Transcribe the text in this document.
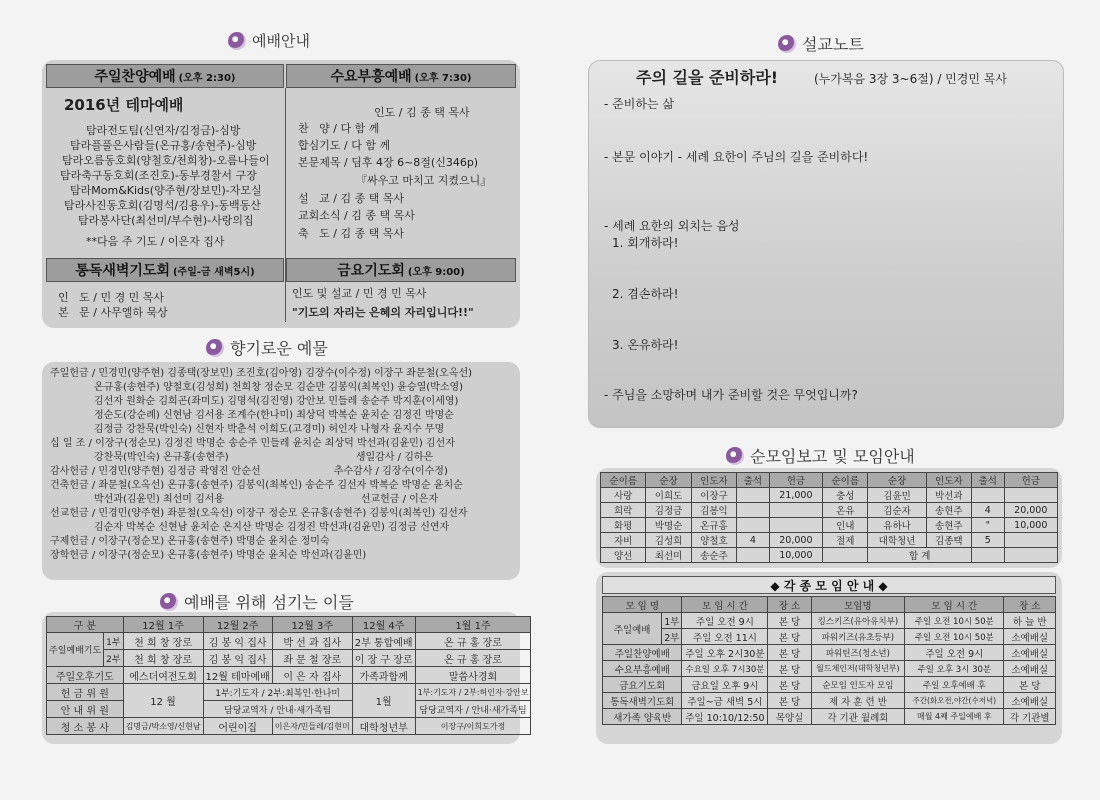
예배안내
주일찬양예배 (오후 2:30)	수요부흥예배 (오후 7:30)
2016년 테마예배
탐라전도팀(신연자/김정금)-심방
탐라플풀은사람들(온규홍/송현주)-심방
탐라오름동호회(양철호/천희창)-오름나들이
탐라축구동호회(조진호)-동부경찰서 구장
탐라Mom&Kids(양주현/장보민)-자모실
탐라사진동호회(김명석/김용우)-동백동산
탐라봉사단(최선미/부수현)-사랑의집
**다음 주 기도 / 이은자 집사
인도 / 김 종 택 목사
찬   양 / 다 함 께
합심기도 / 다 함 께
본문제목 / 딤후 4장 6~8절(신346p)
『싸우고 마치고 지켰으니』
설   교 / 김 종 택 목사
교회소식 / 김 종 택 목사
축   도 / 김 종 택 목사
통독새벽기도회 (주일-금 새벽5시)	금요기도회 (오후 9:00)
인   도 / 민 경 민 목사
본   문 / 사무엘하 묵상
인도 및 설교 / 민 경 민 목사
"기도의 자리는 은혜의 자리입니다!!"
향기로운 예물
주일헌금 / 민경민(양주현) 김종택(장보민) 조진호(김아영) 김장수(이수정) 이장구 좌문철(오옥선)
온규홍(송현주) 양철호(김성희) 천희창 정순모 김순만 김봉익(최복인) 윤승열(박소영)
김선자 원화순 김희곤(좌미도) 김명석(김진영) 강안보 민들레 송순주 박지훈(이세영)
정순도(강순례) 신현남 김서용 조계수(한나미) 최상덕 박복순 윤치순 김정진 박명순
김정금 강찬묵(박인숙) 신현자 박춘석 이희도(고경미) 허인자 나형자 윤지수 무명
십 일 조 / 이장구(정순모) 김정진 박명순 송순주 민들레 윤치순 최상덕 박선과(김윤민) 김선자
강찬묵(박인숙) 온규홍(송현주)                                        생일감사 / 김하은
감사헌금 / 민경민(양주현) 김정금 곽영진 안순선                       추수감사 / 김장수(이수정)
건축헌금 / 좌문철(오옥선) 온규홍(송현주) 김봉익(최복인) 송순주 김선자 박복순 박명순 윤치순
박선과(김윤민) 최선미 김서용                                           선교헌금 / 이은자
선교헌금 / 민경민(양주현) 좌문철(오옥선) 이장구 정순모 온규홍(송현주) 김봉익(최복인) 김선자
김순자 박복순 신현남 윤치순 온지산 박명순 김정진 박선과(김윤민) 김정금 신연자
구제헌금 / 이장구(정순모) 온규홍(송현주) 박명순 윤치순 정미숙
장학헌금 / 이장구(정순모) 온규홍(송현주) 박명순 윤치순 박선과(김윤민)
예배를 위해 섬기는 이들
구 분		12월 1주	12월 2주	12월 3주	12월 4주	1월 1주
주일예배기도	1부	천 희 창 장로	김 봉 익 집사	박 선 과 집사	2부 통합예배	온 규 홍 장로
	2부	천 희 창 장로	김 봉 익 집사	좌 문 철 장로	이 장 구 장로	온 규 홍 장로
주일오후기도		에스더여전도회	12월 테마예배	이 은 자 집사	가족과함께	말씀사경회
헌 금 위 원		12 월	1부:기도자 / 2부:최복인·한나미		1월	1부:기도자 / 2부:허인자·강안보
안 내 위 원			담당교역자 / 안내·새가족팀			담당교역자 / 안내·새가족팀
청 소 봉 사		김명금/박소영/신현남	어린이집	이은자/민들레/김현미	대학청년부	이장구/이희도가정
설교노트
주의 길을 준비하라!	(누가복음 3장 3~6절) / 민경민 목사
- 준비하는 삶
- 본문 이야기 - 세례 요한이 주님의 길을 준비하다!
- 세례 요한의 외치는 음성
1. 회개하라!
2. 겸손하라!
3. 온유하라!
- 주님을 소망하며 내가 준비할 것은 무엇입니까?
순모임보고 및 모임안내
순이름	순장	인도자	출석	헌금	순이름	순장	인도자	출석	헌금
사랑	이희도	이장구		21,000	충성	김윤민	박선과		
희락	김정금	김봉익			온유	김순자	송현주	4	20,000
화평	박명순	온규홍			인내	유하나	송현주	"	10,000
자비	김성희	양철호	4	20,000	절제	대학청년	김종택	5	
양선	최선미	송순주		10,000		합 계			
◆ 각 종 모 임 안 내 ◆
모 임 명		모 임 시 간	장 소	모임명	모 임 시 간	장 소
주일예배	1부	주일 오전 9시	본 당	킹스키즈(유아유치부)	주일 오전 10시 50분	하 늘 반
	2부	주일 오전 11시	본 당	파워키즈(유초등부)	주일 오전 10시 50분	소예배실
주일찬양예배		주일 오후 2시30분	본 당	파워틴즈(청소년)	주일 오전 9시	소예배실
수요부흥예배		수요일 오후 7시30분	본 당	월드체인저(대학청년부)	주일 오후 3시 30분	소예배실
금요기도회		금요일 오후 9시	본 당	순모임 인도자 모임	주일 오후예배 후	본 당
통독새벽기도회		주일~금 새벽 5시	본 당	제 자 훈 련 반	주간(화오전,야간(수저녁)	소예배실
새가족 양육반		주일 10:10/12:50	목양실	각 기관 월례회	매월 4째 주일예배 후	각 기관별
